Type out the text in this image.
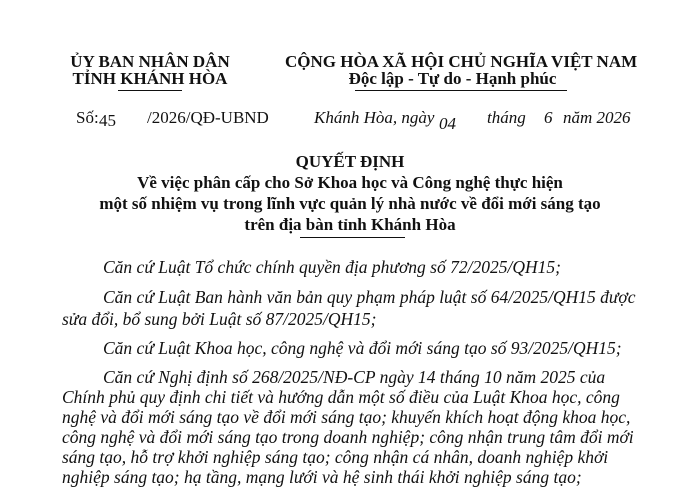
ỦY BAN NHÂN DÂN
TỈNH KHÁNH HÒA
CỘNG HÒA XÃ HỘI CHỦ NGHĨA VIỆT NAM
Độc lập - Tự do - Hạnh phúc
Số: 45 /2026/QĐ-UBND	Khánh Hòa, ngày 04 tháng 6 năm 2026
QUYẾT ĐỊNH
Về việc phân cấp cho Sở Khoa học và Công nghệ thực hiện
một số nhiệm vụ trong lĩnh vực quản lý nhà nước về đổi mới sáng tạo
trên địa bàn tỉnh Khánh Hòa
Căn cứ Luật Tổ chức chính quyền địa phương số 72/2025/QH15;
Căn cứ Luật Ban hành văn bản quy phạm pháp luật số 64/2025/QH15 được
sửa đổi, bổ sung bởi Luật số 87/2025/QH15;
Căn cứ Luật Khoa học, công nghệ và đổi mới sáng tạo số 93/2025/QH15;
Căn cứ Nghị định số 268/2025/NĐ-CP ngày 14 tháng 10 năm 2025 của
Chính phủ quy định chi tiết và hướng dẫn một số điều của Luật Khoa học, công
nghệ và đổi mới sáng tạo về đổi mới sáng tạo; khuyến khích hoạt động khoa học,
công nghệ và đổi mới sáng tạo trong doanh nghiệp; công nhận trung tâm đổi mới
sáng tạo, hỗ trợ khởi nghiệp sáng tạo; công nhận cá nhân, doanh nghiệp khởi
nghiệp sáng tạo; hạ tầng, mạng lưới và hệ sinh thái khởi nghiệp sáng tạo;
